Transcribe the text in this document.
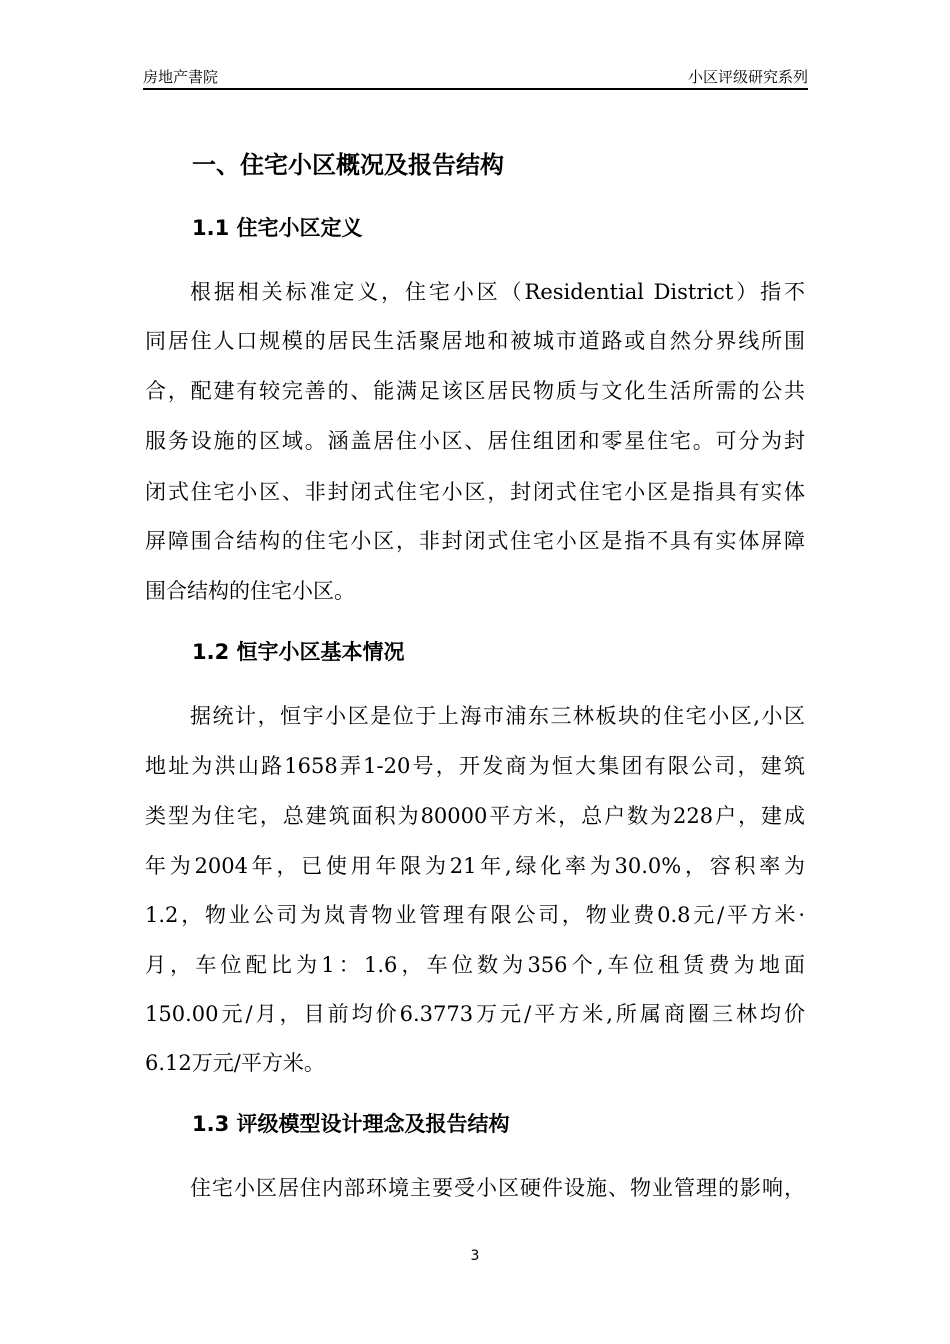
房地产書院	小区评级研究系列
一、住宅小区概况及报告结构
1.1 住宅小区定义
根据相关标准定义，住宅小区（Residential District）指不
同居住人口规模的居民生活聚居地和被城市道路或自然分界线所围
合，配建有较完善的、能满足该区居民物质与文化生活所需的公共
服务设施的区域。涵盖居住小区、居住组团和零星住宅。可分为封
闭式住宅小区、非封闭式住宅小区，封闭式住宅小区是指具有实体
屏障围合结构的住宅小区，非封闭式住宅小区是指不具有实体屏障
围合结构的住宅小区。
1.2 恒宇小区基本情况
据统计，恒宇小区是位于上海市浦东三林板块的住宅小区,小区
地址为洪山路1658弄1-20号，开发商为恒大集团有限公司，建筑
类型为住宅，总建筑面积为80000平方米，总户数为228户，建成
年为2004年，已使用年限为21年,绿化率为30.0%，容积率为
1.2，物业公司为岚青物业管理有限公司，物业费0.8元/平方米·
月，车位配比为1：1.6，车位数为356个,车位租赁费为地面
150.00元/月，目前均价6.3773万元/平方米,所属商圈三林均价
6.12万元/平方米。
1.3 评级模型设计理念及报告结构
住宅小区居住内部环境主要受小区硬件设施、物业管理的影响，
3
